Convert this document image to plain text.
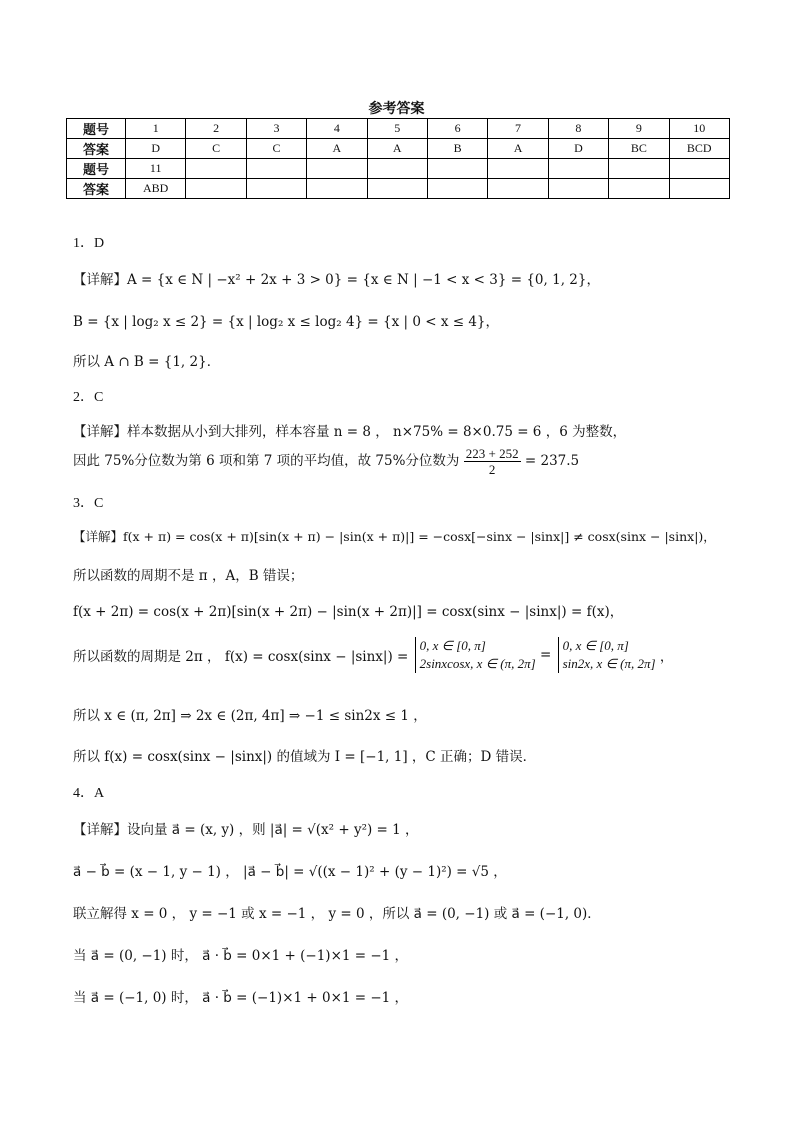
参考答案
题号	1	2	3	4	5	6	7	8	9	10
答案	D	C	C	A	A	B	A	D	BC	BCD
题号	11									
答案	ABD									
1．D
【详解】A = {x ∈ N | −x² + 2x + 3 > 0} = {x ∈ N | −1 < x < 3} = {0, 1, 2}，
B = {x | log₂ x ≤ 2} = {x | log₂ x ≤ log₂ 4} = {x | 0 < x ≤ 4}，
所以 A ∩ B = {1, 2}．
2．C
【详解】样本数据从小到大排列，样本容量 n = 8 ， n×75% = 8×0.75 = 6 ，6 为整数，
因此 75%分位数为第 6 项和第 7 项的平均值，故 75%分位数为 $\frac{223 + 252}{2} = 237.5$
3．C
【详解】f(x + π) = cos(x + π)[sin(x + π) − |sin(x + π)|] = −cosx[−sinx − |sinx|] ≠ cosx(sinx − |sinx|)，
所以函数的周期不是 π ，A，B 错误；
f(x + 2π) = cos(x + 2π)[sin(x + 2π) − |sin(x + 2π)|] = cosx(sinx − |sinx|) = f(x)，
所以函数的周期是 2π ， f(x) = cosx(sinx − |sinx|) =
0, x ∈ [0, π]
2sinxcosx, x ∈ (π, 2π]
=
0, x ∈ [0, π]
sin2x, x ∈ (π, 2π] ，
所以 x ∈ (π, 2π] ⇒ 2x ∈ (2π, 4π] ⇒ −1 ≤ sin2x ≤ 1 ，
所以 f(x) = cosx(sinx − |sinx|) 的值域为 I = [−1, 1] ，C 正确；D 错误．
4．A
【详解】设向量 a⃗ = (x, y) ，则 |a⃗| = √(x² + y²) = 1 ，
a⃗ − b⃗ = (x − 1, y − 1) ， |a⃗ − b⃗| = √((x − 1)² + (y − 1)²) = √5 ，
联立解得 x = 0 ， y = −1 或 x = −1 ， y = 0 ，所以 a⃗ = (0, −1) 或 a⃗ = (−1, 0)．
当 a⃗ = (0, −1) 时， a⃗ · b⃗ = 0×1 + (−1)×1 = −1 ，
当 a⃗ = (−1, 0) 时， a⃗ · b⃗ = (−1)×1 + 0×1 = −1 ，
